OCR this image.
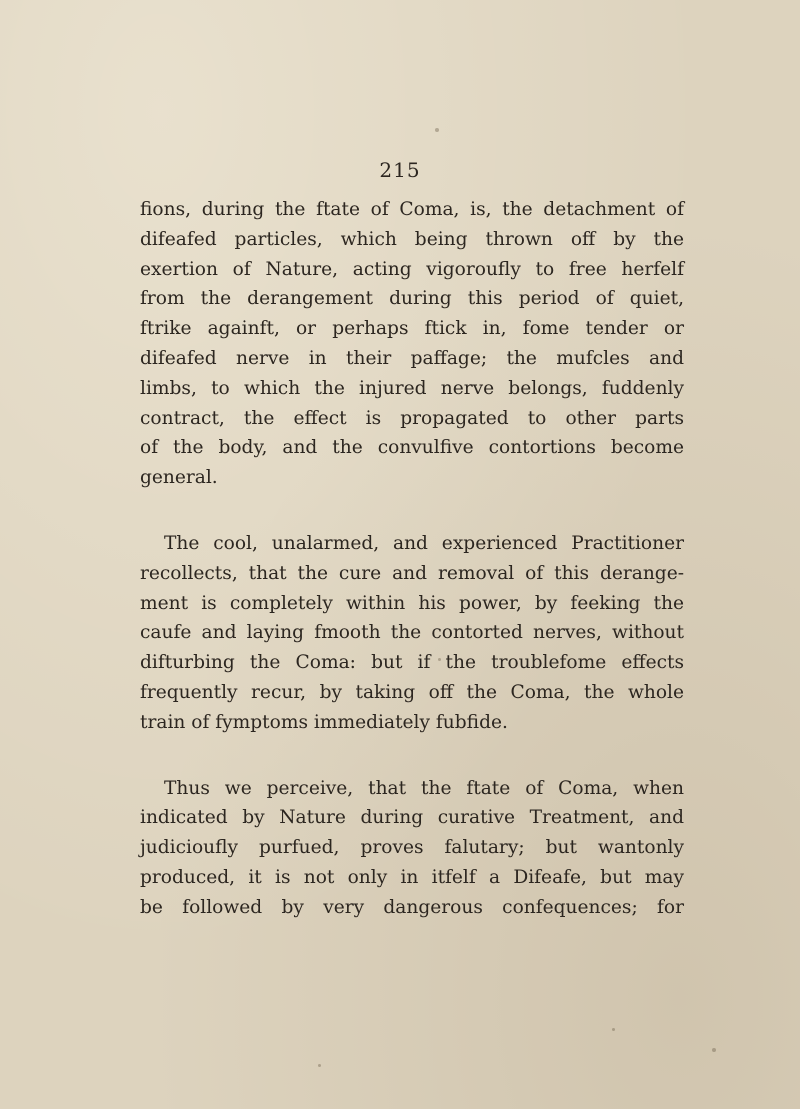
215
fions, during the ftate of Coma, is, the detachment of
difeafed particles, which being thrown off by the
exertion of Nature, acting vigoroufly to free herfelf
from the derangement during this period of quiet,
ftrike againft, or perhaps ftick in, fome tender or
difeafed nerve in their paffage; the mufcles and
limbs, to which the injured nerve belongs, fuddenly
contract, the effect is propagated to other parts
of the body, and the convulfive contortions become
general.
The cool, unalarmed, and experienced Practitioner
recollects, that the cure and removal of this derange-
ment is completely within his power, by feeking the
caufe and laying fmooth the contorted nerves, without
difturbing the Coma: but if the troublefome effects
frequently recur, by taking off the Coma, the whole
train of fymptoms immediately fubfide.
Thus we perceive, that the ftate of Coma, when
indicated by Nature during curative Treatment, and
judicioufly purfued, proves falutary; but wantonly
produced, it is not only in itfelf a Difeafe, but may
be followed by very dangerous confequences; for
